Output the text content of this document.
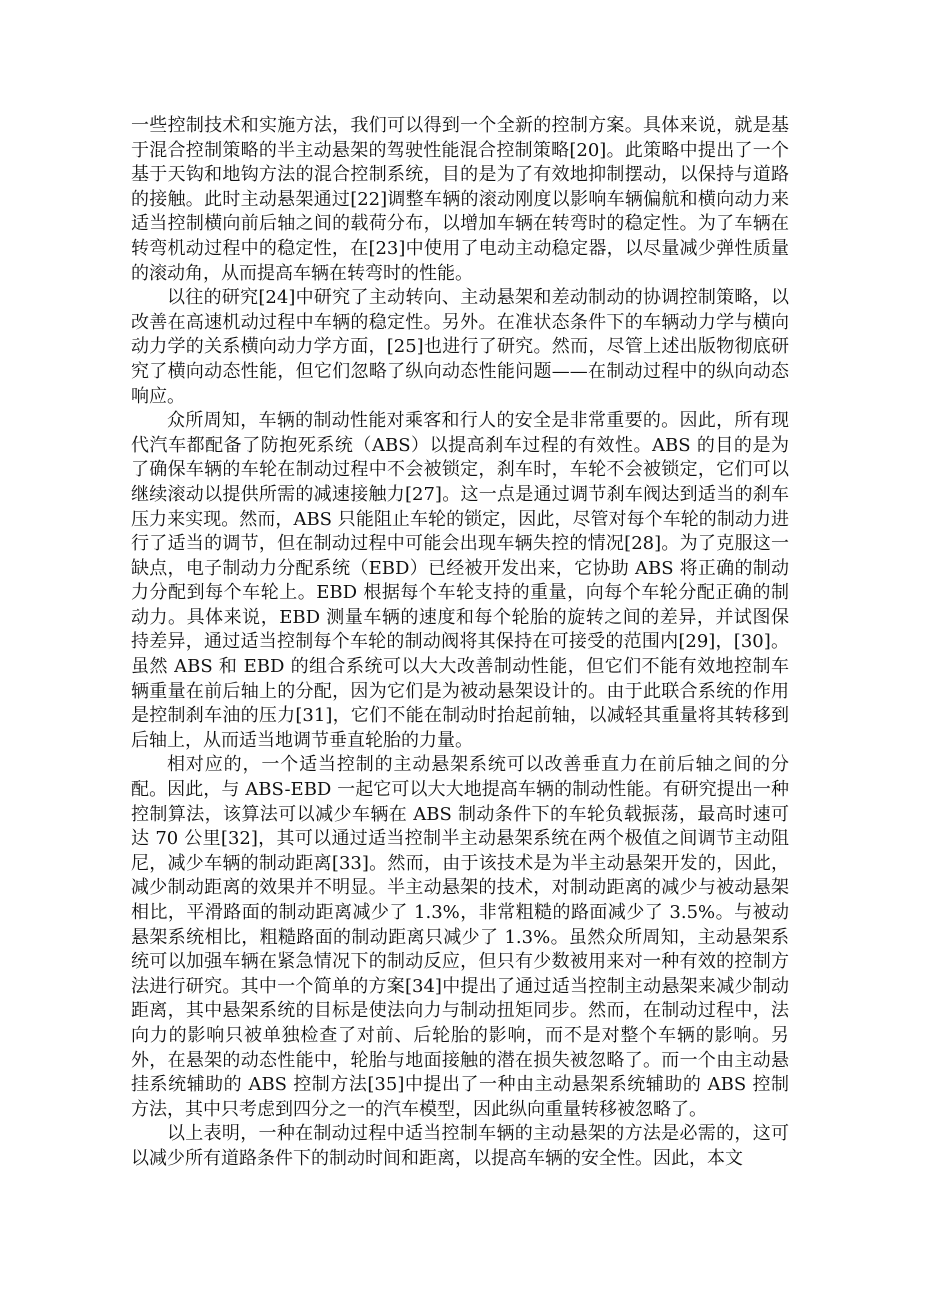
一些控制技术和实施方法，我们可以得到一个全新的控制方案。具体来说，就是基于混合控制策略的半主动悬架的驾驶性能混合控制策略[20]。此策略中提出了一个基于天钩和地钩方法的混合控制系统，目的是为了有效地抑制摆动，以保持与道路的接触。此时主动悬架通过[22]调整车辆的滚动刚度以影响车辆偏航和横向动力来适当控制横向前后轴之间的载荷分布，以增加车辆在转弯时的稳定性。为了车辆在转弯机动过程中的稳定性，在[23]中使用了电动主动稳定器，以尽量减少弹性质量的滚动角，从而提高车辆在转弯时的性能。

以往的研究[24]中研究了主动转向、主动悬架和差动制动的协调控制策略，以改善在高速机动过程中车辆的稳定性。另外。在准状态条件下的车辆动力学与横向动力学的关系横向动力学方面，[25]也进行了研究。然而，尽管上述出版物彻底研究了横向动态性能，但它们忽略了纵向动态性能问题——在制动过程中的纵向动态响应。

众所周知，车辆的制动性能对乘客和行人的安全是非常重要的。因此，所有现代汽车都配备了防抱死系统（ABS）以提高刹车过程的有效性。ABS 的目的是为了确保车辆的车轮在制动过程中不会被锁定，刹车时，车轮不会被锁定，它们可以继续滚动以提供所需的减速接触力[27]。这一点是通过调节刹车阀达到适当的刹车压力来实现。然而，ABS 只能阻止车轮的锁定，因此，尽管对每个车轮的制动力进行了适当的调节，但在制动过程中可能会出现车辆失控的情况[28]。为了克服这一缺点，电子制动力分配系统（EBD）已经被开发出来，它协助 ABS 将正确的制动力分配到每个车轮上。EBD 根据每个车轮支持的重量，向每个车轮分配正确的制动力。具体来说，EBD 测量车辆的速度和每个轮胎的旋转之间的差异，并试图保持差异，通过适当控制每个车轮的制动阀将其保持在可接受的范围内[29]，[30]。虽然 ABS 和 EBD 的组合系统可以大大改善制动性能，但它们不能有效地控制车辆重量在前后轴上的分配，因为它们是为被动悬架设计的。由于此联合系统的作用是控制刹车油的压力[31]，它们不能在制动时抬起前轴，以减轻其重量将其转移到后轴上，从而适当地调节垂直轮胎的力量。

相对应的，一个适当控制的主动悬架系统可以改善垂直力在前后轴之间的分配。因此，与 ABS-EBD 一起它可以大大地提高车辆的制动性能。有研究提出一种控制算法，该算法可以减少车辆在 ABS 制动条件下的车轮负载振荡，最高时速可达 70 公里[32]，其可以通过适当控制半主动悬架系统在两个极值之间调节主动阻尼，减少车辆的制动距离[33]。然而，由于该技术是为半主动悬架开发的，因此，减少制动距离的效果并不明显。半主动悬架的技术，对制动距离的减少与被动悬架相比，平滑路面的制动距离减少了 1.3%，非常粗糙的路面减少了 3.5%。与被动悬架系统相比，粗糙路面的制动距离只减少了 1.3%。虽然众所周知，主动悬架系统可以加强车辆在紧急情况下的制动反应，但只有少数被用来对一种有效的控制方法进行研究。其中一个简单的方案[34]中提出了通过适当控制主动悬架来减少制动距离，其中悬架系统的目标是使法向力与制动扭矩同步。然而，在制动过程中，法向力的影响只被单独检查了对前、后轮胎的影响，而不是对整个车辆的影响。另外，在悬架的动态性能中，轮胎与地面接触的潜在损失被忽略了。而一个由主动悬挂系统辅助的 ABS 控制方法[35]中提出了一种由主动悬架系统辅助的 ABS 控制方法，其中只考虑到四分之一的汽车模型，因此纵向重量转移被忽略了。

以上表明，一种在制动过程中适当控制车辆的主动悬架的方法是必需的，这可以减少所有道路条件下的制动时间和距离，以提高车辆的安全性。因此，本文
